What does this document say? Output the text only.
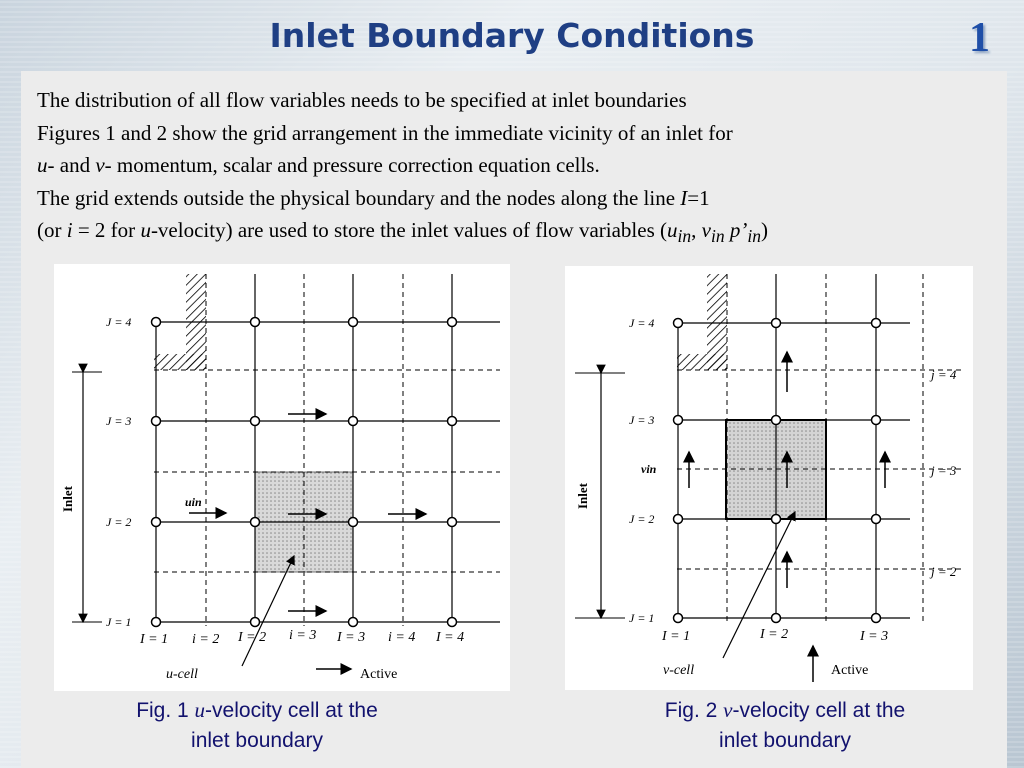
Inlet Boundary Conditions	1
The distribution of all flow variables needs to be specified at inlet boundaries
Figures 1 and 2 show the grid arrangement in the immediate vicinity of an inlet for
u- and v- momentum, scalar and pressure correction equation cells.
The grid extends outside the physical boundary and the nodes along the line I=1
(or i = 2 for u-velocity) are used to store the inlet values of flow variables ($u_{in}$, $v_{in}$ $p’_{in}$)
Inlet
J = 4
J = 3
J = 2
J = 1
I = 1 i = 2 I = 2 i = 3 I = 3 i = 4 I = 4
uin
u-cell	Active
Inlet
J = 4
J = 3
J = 2
J = 1
j = 4
j = 3
j = 2
I = 1	I = 2	I = 3
vin
v-cell	Active
Fig. 1 u-velocity cell at the
inlet boundary
Fig. 2 v-velocity cell at the
inlet boundary
